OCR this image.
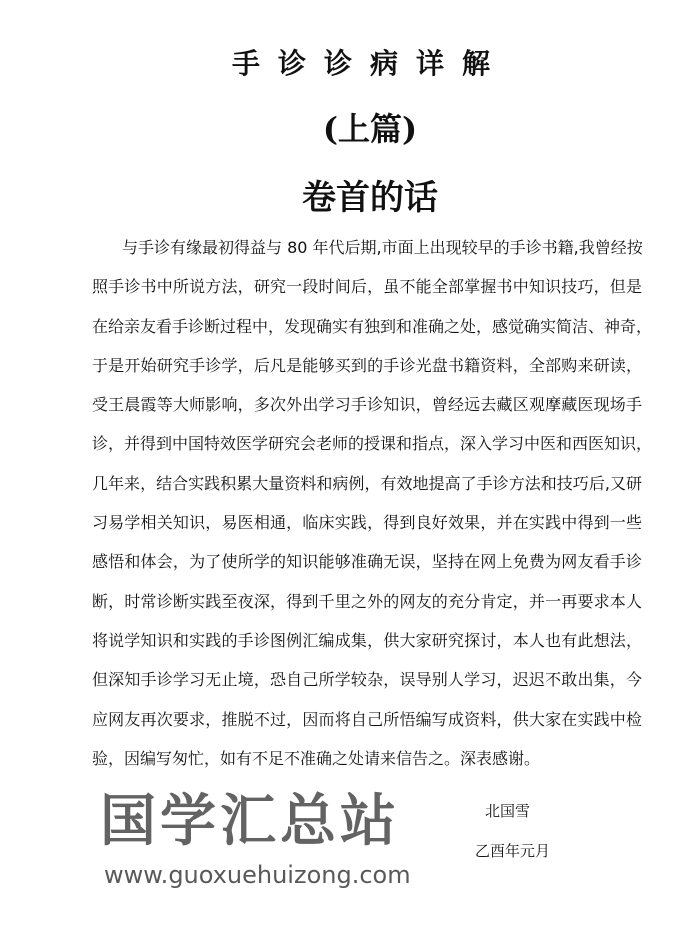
手诊诊病详解
(上篇)
卷首的话
与手诊有缘最初得益与 80 年代后期,市面上出现较早的手诊书籍,我曾经按
照手诊书中所说方法，研究一段时间后，虽不能全部掌握书中知识技巧，但是
在给亲友看手诊断过程中，发现确实有独到和准确之处，感觉确实简洁、神奇，
于是开始研究手诊学，后凡是能够买到的手诊光盘书籍资料，全部购来研读，
受王晨霞等大师影响，多次外出学习手诊知识，曾经远去藏区观摩藏医现场手
诊，并得到中国特效医学研究会老师的授课和指点，深入学习中医和西医知识，
几年来，结合实践积累大量资料和病例，有效地提高了手诊方法和技巧后,又研
习易学相关知识，易医相通，临床实践，得到良好效果，并在实践中得到一些
感悟和体会，为了使所学的知识能够准确无误，坚持在网上免费为网友看手诊
断，时常诊断实践至夜深，得到千里之外的网友的充分肯定，并一再要求本人
将说学知识和实践的手诊图例汇编成集，供大家研究探讨，本人也有此想法，
但深知手诊学习无止境，恐自己所学较杂，误导别人学习，迟迟不敢出集，今
应网友再次要求，推脱不过，因而将自己所悟编写成资料，供大家在实践中检
验，因编写匆忙，如有不足不准确之处请来信告之。深表感谢。
北国雪
乙酉年元月
国学汇总站
www.guoxuehuizong.com
